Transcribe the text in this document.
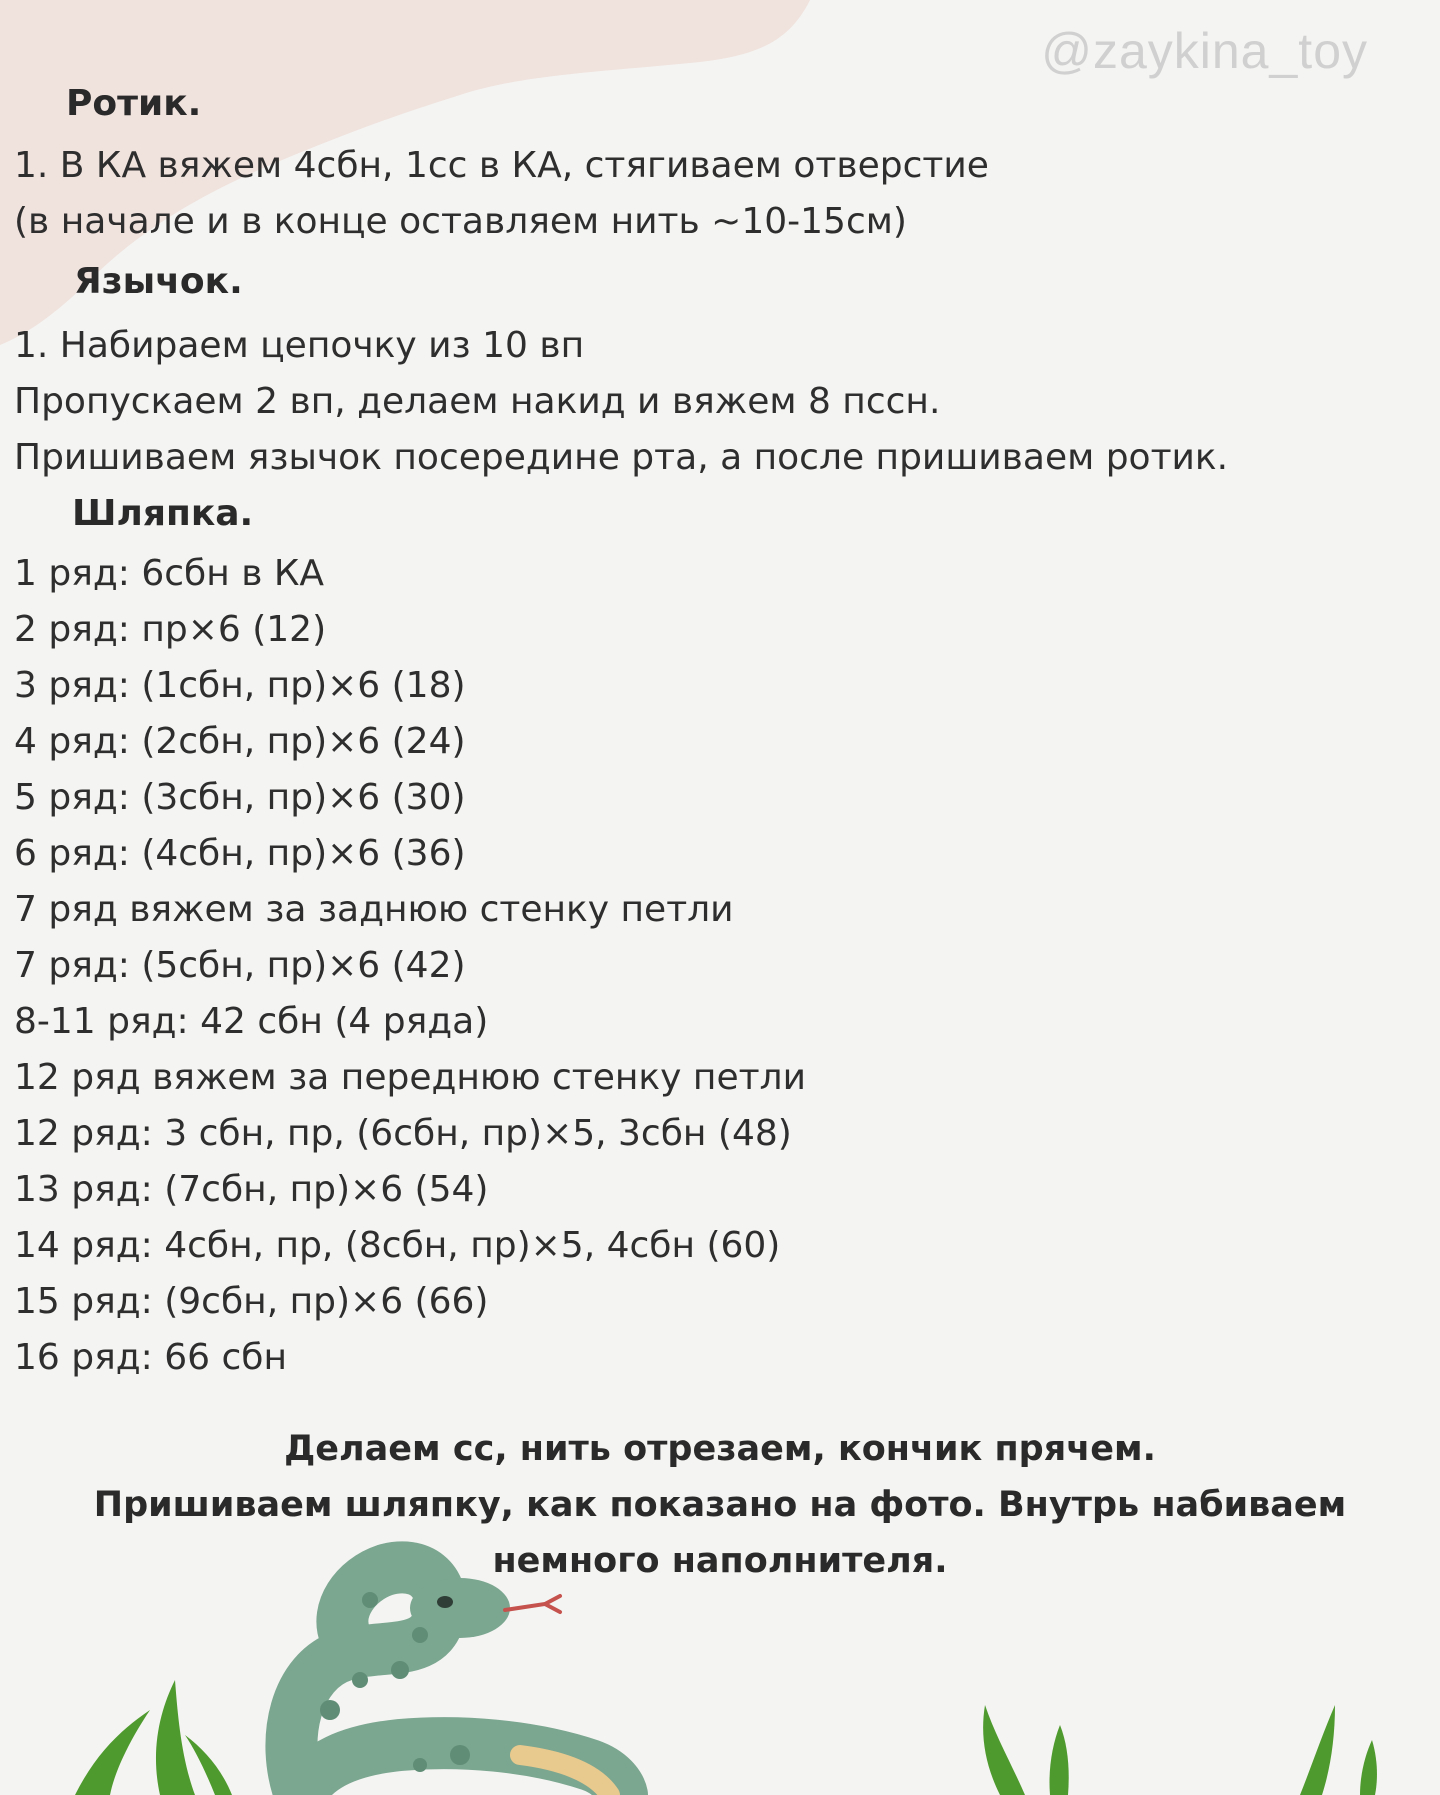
@zaykina_toy
Ротик.

1. В КА вяжем 4сбн, 1сс в КА, стягиваем отверстие

(в начале и в конце оставляем нить ~10-15см)

Язычок.

1. Набираем цепочку из 10 вп

Пропускаем 2 вп, делаем накид и вяжем 8 пссн.

Пришиваем язычок посередине рта, а после пришиваем ротик.

Шляпка.

1 ряд: 6сбн в КА

2 ряд: пр×6 (12)

3 ряд: (1сбн, пр)×6 (18)

4 ряд: (2сбн, пр)×6 (24)

5 ряд: (3сбн, пр)×6 (30)

6 ряд: (4сбн, пр)×6 (36)

7 ряд вяжем за заднюю стенку петли

7 ряд: (5сбн, пр)×6 (42)

8-11 ряд: 42 сбн (4 ряда)

12 ряд вяжем за переднюю стенку петли

12 ряд: 3 сбн, пр, (6сбн, пр)×5, 3сбн (48)

13 ряд: (7сбн, пр)×6 (54)

14 ряд: 4сбн, пр, (8сбн, пр)×5, 4сбн (60)

15 ряд: (9сбн, пр)×6 (66)

16 ряд: 66 сбн

Делаем сс, нить отрезаем, кончик прячем.

Пришиваем шляпку, как показано на фото. Внутрь набиваем

немного наполнителя.
